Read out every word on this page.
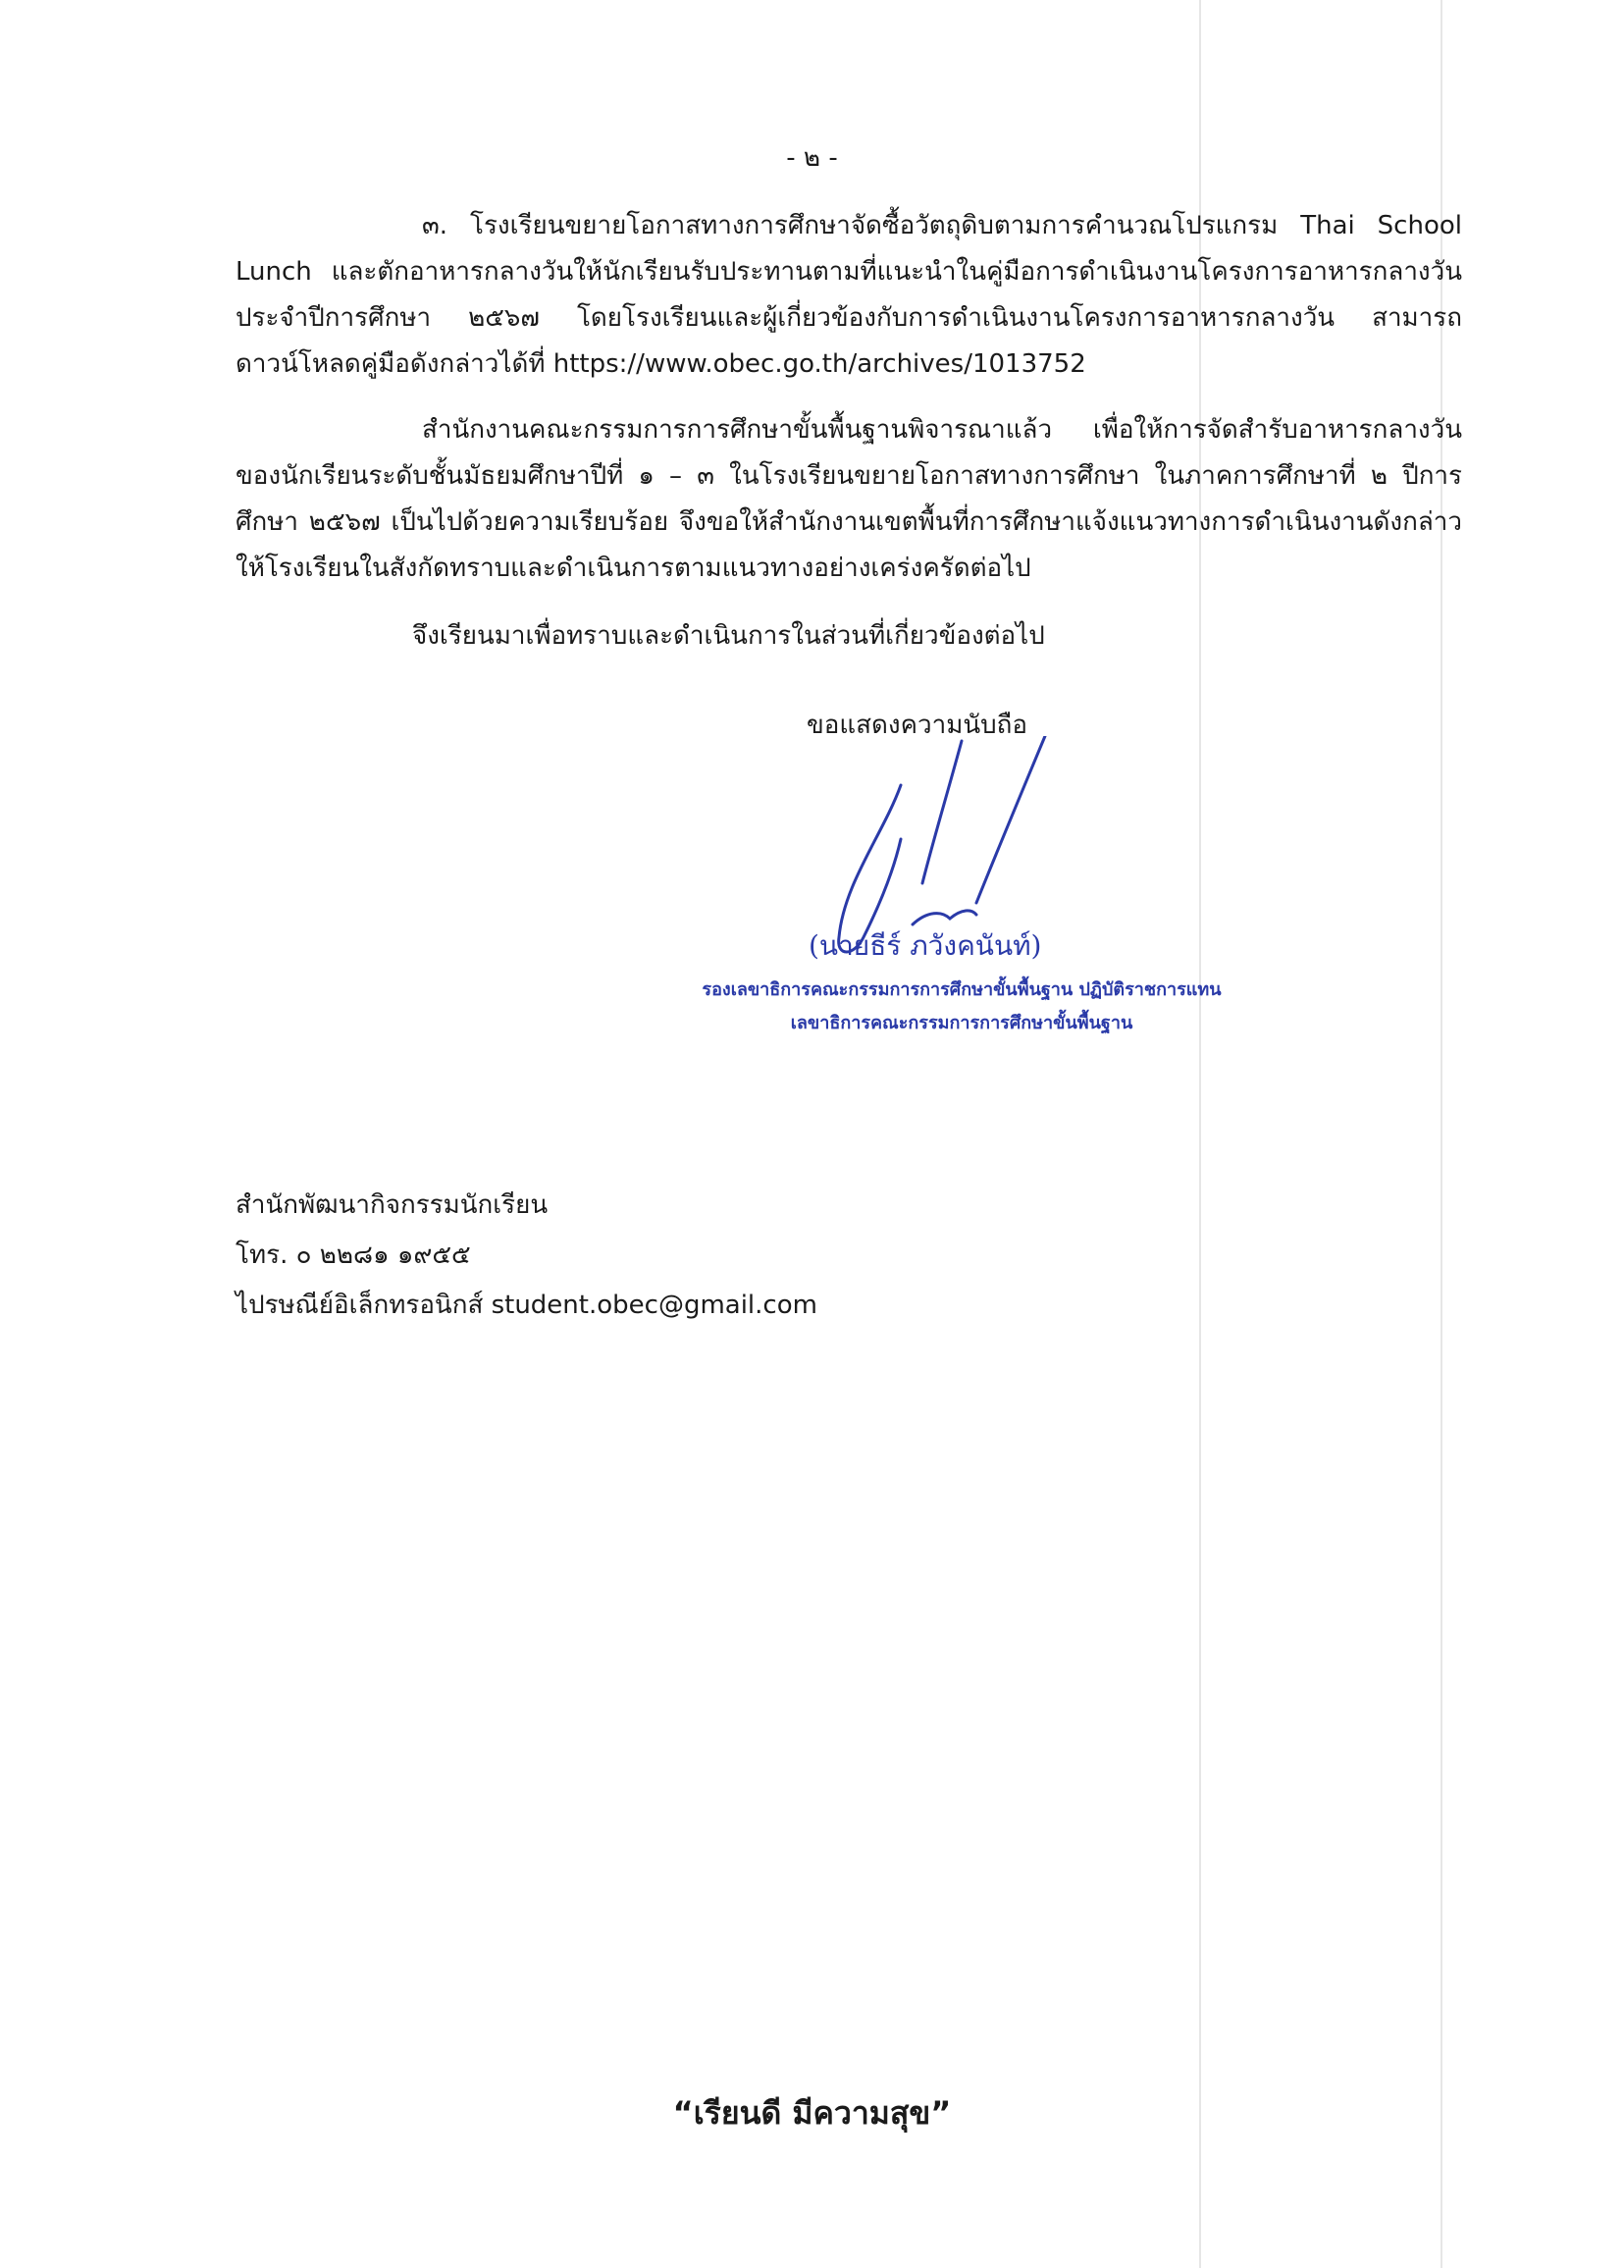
- ๒ -

๓. โรงเรียนขยายโอกาสทางการศึกษาจัดซื้อวัตถุดิบตามการคำนวณโปรแกรม Thai School Lunch และตักอาหารกลางวันให้นักเรียนรับประทานตามที่แนะนำในคู่มือการดำเนินงานโครงการอาหารกลางวัน ประจำปีการศึกษา ๒๕๖๗ โดยโรงเรียนและผู้เกี่ยวข้องกับการดำเนินงานโครงการอาหารกลางวัน สามารถดาวน์โหลดคู่มือดังกล่าวได้ที่ https://www.obec.go.th/archives/1013752

สำนักงานคณะกรรมการการศึกษาขั้นพื้นฐานพิจารณาแล้ว เพื่อให้การจัดสำรับอาหารกลางวันของนักเรียนระดับชั้นมัธยมศึกษาปีที่ ๑ – ๓ ในโรงเรียนขยายโอกาสทางการศึกษา ในภาคการศึกษาที่ ๒ ปีการศึกษา ๒๕๖๗ เป็นไปด้วยความเรียบร้อย จึงขอให้สำนักงานเขตพื้นที่การศึกษาแจ้งแนวทางการดำเนินงานดังกล่าว ให้โรงเรียนในสังกัดทราบและดำเนินการตามแนวทางอย่างเคร่งครัดต่อไป

จึงเรียนมาเพื่อทราบและดำเนินการในส่วนที่เกี่ยวข้องต่อไป

ขอแสดงความนับถือ
(นายธีร์ ภวังคนันท์)
รองเลขาธิการคณะกรรมการการศึกษาขั้นพื้นฐาน ปฏิบัติราชการแทน
เลขาธิการคณะกรรมการการศึกษาขั้นพื้นฐาน
สำนักพัฒนากิจกรรมนักเรียน
โทร. ๐ ๒๒๘๑ ๑๙๕๕
ไปรษณีย์อิเล็กทรอนิกส์ student.obec@gmail.com
“เรียนดี มีความสุข”
